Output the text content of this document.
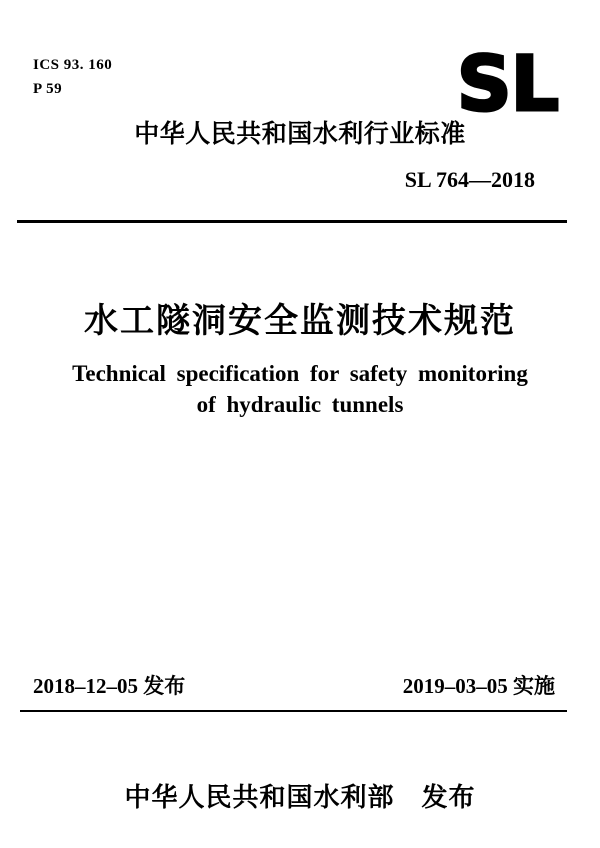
ICS 93. 160
P 59	SL
中华人民共和国水利行业标准
SL 764—2018
水工隧洞安全监测技术规范
Technical specification for safety monitoring
of hydraulic tunnels
2018–12–05 发布	2019–03–05 实施
中华人民共和国水利部　发布
